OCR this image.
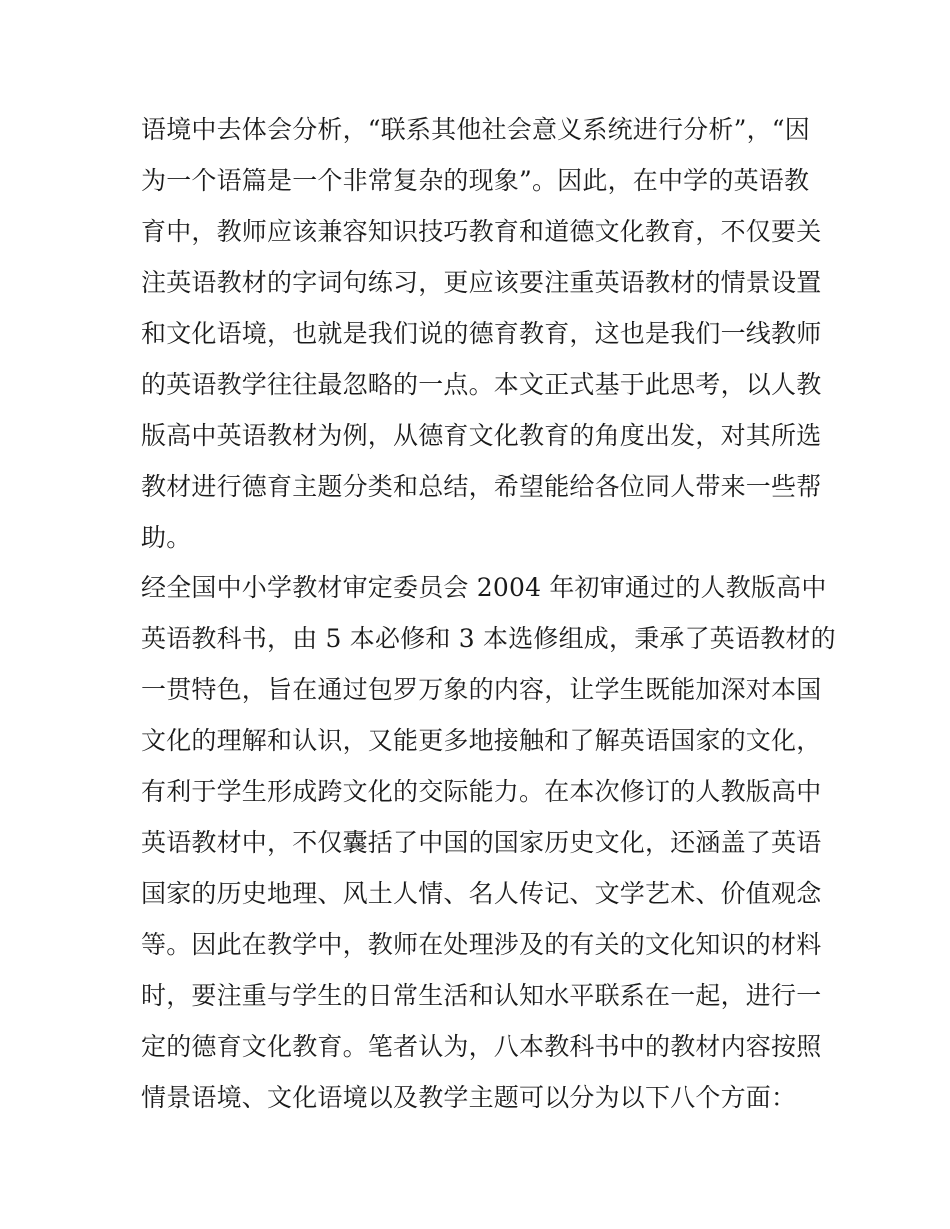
语境中去体会分析，“联系其他社会意义系统进行分析”，“因
为一个语篇是一个非常复杂的现象”。因此，在中学的英语教
育中，教师应该兼容知识技巧教育和道德文化教育，不仅要关
注英语教材的字词句练习，更应该要注重英语教材的情景设置
和文化语境，也就是我们说的德育教育，这也是我们一线教师
的英语教学往往最忽略的一点。本文正式基于此思考，以人教
版高中英语教材为例，从德育文化教育的角度出发，对其所选
教材进行德育主题分类和总结，希望能给各位同人带来一些帮
助。
经全国中小学教材审定委员会 2004 年初审通过的人教版高中
英语教科书，由 5 本必修和 3 本选修组成，秉承了英语教材的
一贯特色，旨在通过包罗万象的内容，让学生既能加深对本国
文化的理解和认识，又能更多地接触和了解英语国家的文化，
有利于学生形成跨文化的交际能力。在本次修订的人教版高中
英语教材中，不仅囊括了中国的国家历史文化，还涵盖了英语
国家的历史地理、风土人情、名人传记、文学艺术、价值观念
等。因此在教学中，教师在处理涉及的有关的文化知识的材料
时，要注重与学生的日常生活和认知水平联系在一起，进行一
定的德育文化教育。笔者认为，八本教科书中的教材内容按照
情景语境、文化语境以及教学主题可以分为以下八个方面：
